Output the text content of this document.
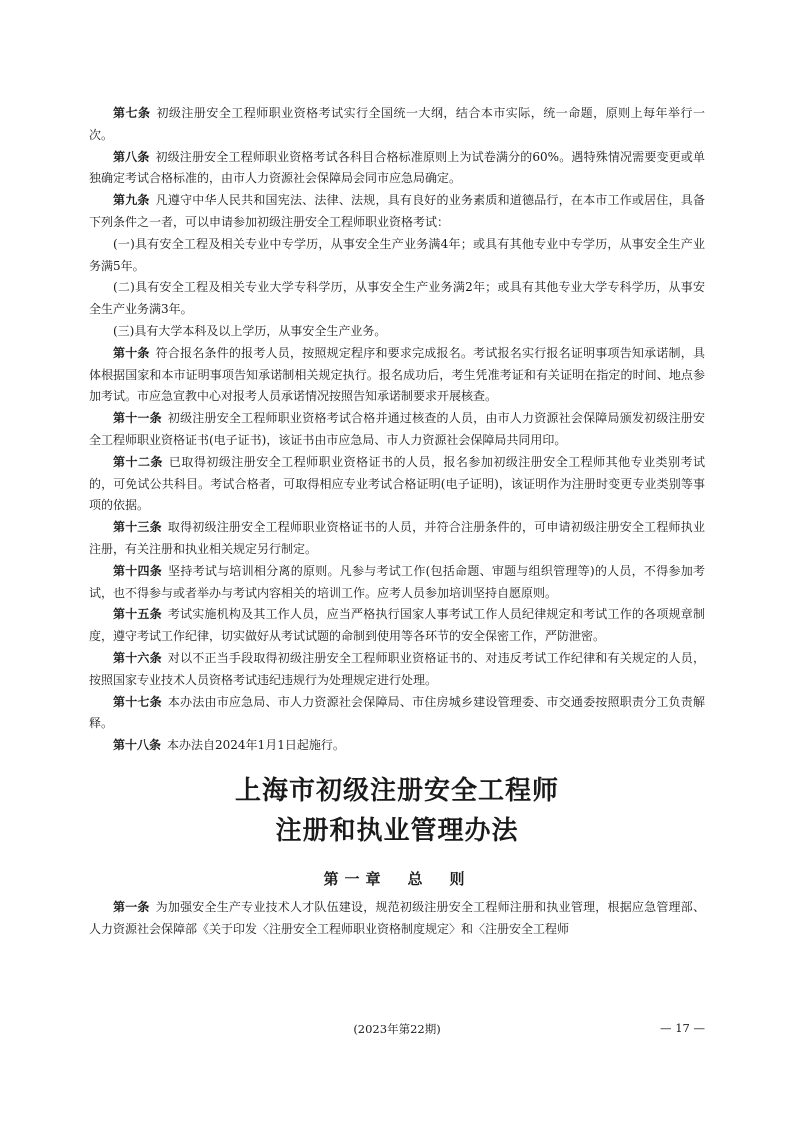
第七条 初级注册安全工程师职业资格考试实行全国统一大纲，结合本市实际，统一命题，原则上每年举行一次。

第八条 初级注册安全工程师职业资格考试各科目合格标准原则上为试卷满分的60%。遇特殊情况需要变更或单独确定考试合格标准的，由市人力资源社会保障局会同市应急局确定。

第九条 凡遵守中华人民共和国宪法、法律、法规，具有良好的业务素质和道德品行，在本市工作或居住，具备下列条件之一者，可以申请参加初级注册安全工程师职业资格考试：

(一)具有安全工程及相关专业中专学历，从事安全生产业务满4年；或具有其他专业中专学历，从事安全生产业务满5年。

(二)具有安全工程及相关专业大学专科学历，从事安全生产业务满2年；或具有其他专业大学专科学历，从事安全生产业务满3年。

(三)具有大学本科及以上学历，从事安全生产业务。

第十条 符合报名条件的报考人员，按照规定程序和要求完成报名。考试报名实行报名证明事项告知承诺制，具体根据国家和本市证明事项告知承诺制相关规定执行。报名成功后，考生凭准考证和有关证明在指定的时间、地点参加考试。市应急宣教中心对报考人员承诺情况按照告知承诺制要求开展核查。

第十一条 初级注册安全工程师职业资格考试合格并通过核查的人员，由市人力资源社会保障局颁发初级注册安全工程师职业资格证书(电子证书)，该证书由市应急局、市人力资源社会保障局共同用印。

第十二条 已取得初级注册安全工程师职业资格证书的人员，报名参加初级注册安全工程师其他专业类别考试的，可免试公共科目。考试合格者，可取得相应专业考试合格证明(电子证明)，该证明作为注册时变更专业类别等事项的依据。

第十三条 取得初级注册安全工程师职业资格证书的人员，并符合注册条件的，可申请初级注册安全工程师执业注册，有关注册和执业相关规定另行制定。

第十四条 坚持考试与培训相分离的原则。凡参与考试工作(包括命题、审题与组织管理等)的人员，不得参加考试，也不得参与或者举办与考试内容相关的培训工作。应考人员参加培训坚持自愿原则。

第十五条 考试实施机构及其工作人员，应当严格执行国家人事考试工作人员纪律规定和考试工作的各项规章制度，遵守考试工作纪律，切实做好从考试试题的命制到使用等各环节的安全保密工作，严防泄密。

第十六条 对以不正当手段取得初级注册安全工程师职业资格证书的、对违反考试工作纪律和有关规定的人员，按照国家专业技术人员资格考试违纪违规行为处理规定进行处理。

第十七条 本办法由市应急局、市人力资源社会保障局、市住房城乡建设管理委、市交通委按照职责分工负责解释。

第十八条 本办法自2024年1月1日起施行。

上海市初级注册安全工程师
注册和执业管理办法
第一章　总　则

第一条 为加强安全生产专业技术人才队伍建设，规范初级注册安全工程师注册和执业管理，根据应急管理部、人力资源社会保障部《关于印发〈注册安全工程师职业资格制度规定〉和〈注册安全工程师

(2023年第22期)	— 17 —
